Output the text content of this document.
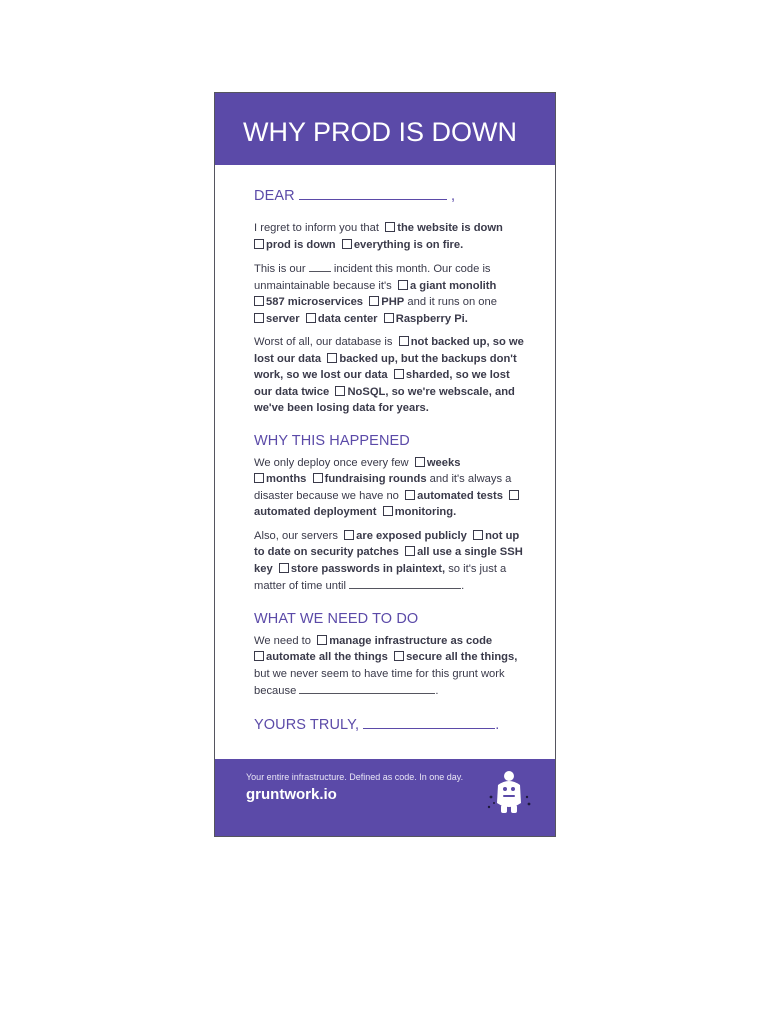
WHY PROD IS DOWN
DEAR	,

I regret to inform you that the website is down
prod is down everything is on fire.

This is our	incident this month. Our code is unmaintainable because it's a giant monolith
587 microservices PHP and it runs on one
server data center Raspberry Pi.

Worst of all, our database is not backed up, so we lost our data backed up, but the backups don't work, so we lost our data sharded, so we lost our data twice NoSQL, so we're webscale, and we've been losing data for years.

WHY THIS HAPPENED

We only deploy once every few weeks
months fundraising rounds and it's always a disaster because we have no automated tests  automated deployment monitoring.

Also, our servers are exposed publicly not up to date on security patches all use a single SSH key store passwords in plaintext, so it's just a matter of time until	.

WHAT WE NEED TO DO

We need to manage infrastructure as code
automate all the things secure all the things, but we never seem to have time for this grunt work because	.

YOURS TRULY,	.
Your entire infrastructure. Defined as code. In one day.
gruntwork.io
